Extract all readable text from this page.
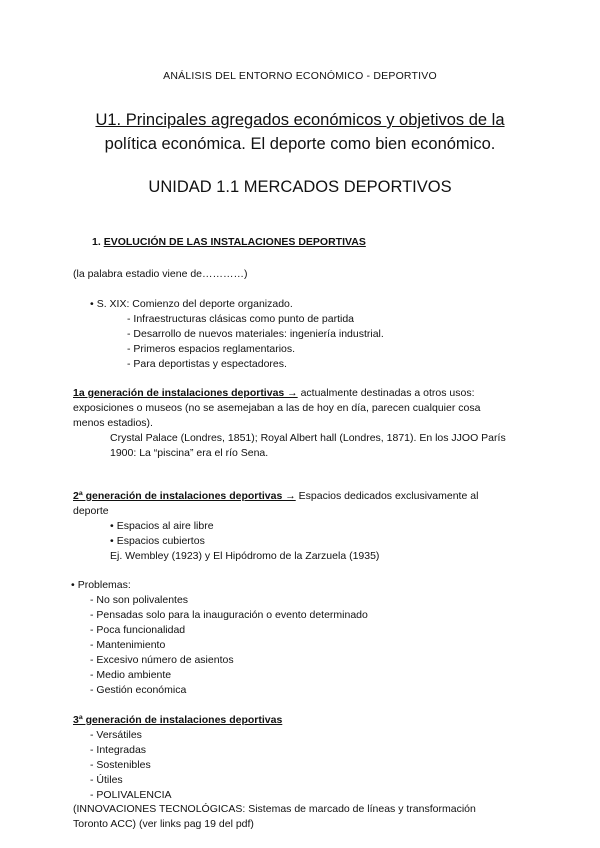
ANÁLISIS DEL ENTORNO ECONÓMICO - DEPORTIVO
U1. Principales agregados económicos y objetivos de la
política económica. El deporte como bien económico.
UNIDAD 1.1 MERCADOS DEPORTIVOS
1. EVOLUCIÓN DE LAS INSTALACIONES DEPORTIVAS
(la palabra estadio viene de…………)
• S. XIX: Comienzo del deporte organizado.
- Infraestructuras clásicas como punto de partida
- Desarrollo de nuevos materiales: ingeniería industrial.
- Primeros espacios reglamentarios.
- Para deportistas y espectadores.
1a generación de instalaciones deportivas → actualmente destinadas a otros usos:
exposiciones o museos (no se asemejaban a las de hoy en día, parecen cualquier cosa
menos estadios).
Crystal Palace (Londres, 1851); Royal Albert hall (Londres, 1871). En los JJOO París
1900: La “piscina” era el río Sena.
2ª generación de instalaciones deportivas → Espacios dedicados exclusivamente al
deporte
• Espacios al aire libre
• Espacios cubiertos
Ej. Wembley (1923) y El Hipódromo de la Zarzuela (1935)
• Problemas:
- No son polivalentes
- Pensadas solo para la inauguración o evento determinado
- Poca funcionalidad
- Mantenimiento
- Excesivo número de asientos
- Medio ambiente
- Gestión económica
3ª generación de instalaciones deportivas
- Versátiles
- Integradas
- Sostenibles
- Útiles
- POLIVALENCIA
(INNOVACIONES TECNOLÓGICAS: Sistemas de marcado de líneas y transformación
Toronto ACC) (ver links pag 19 del pdf)
